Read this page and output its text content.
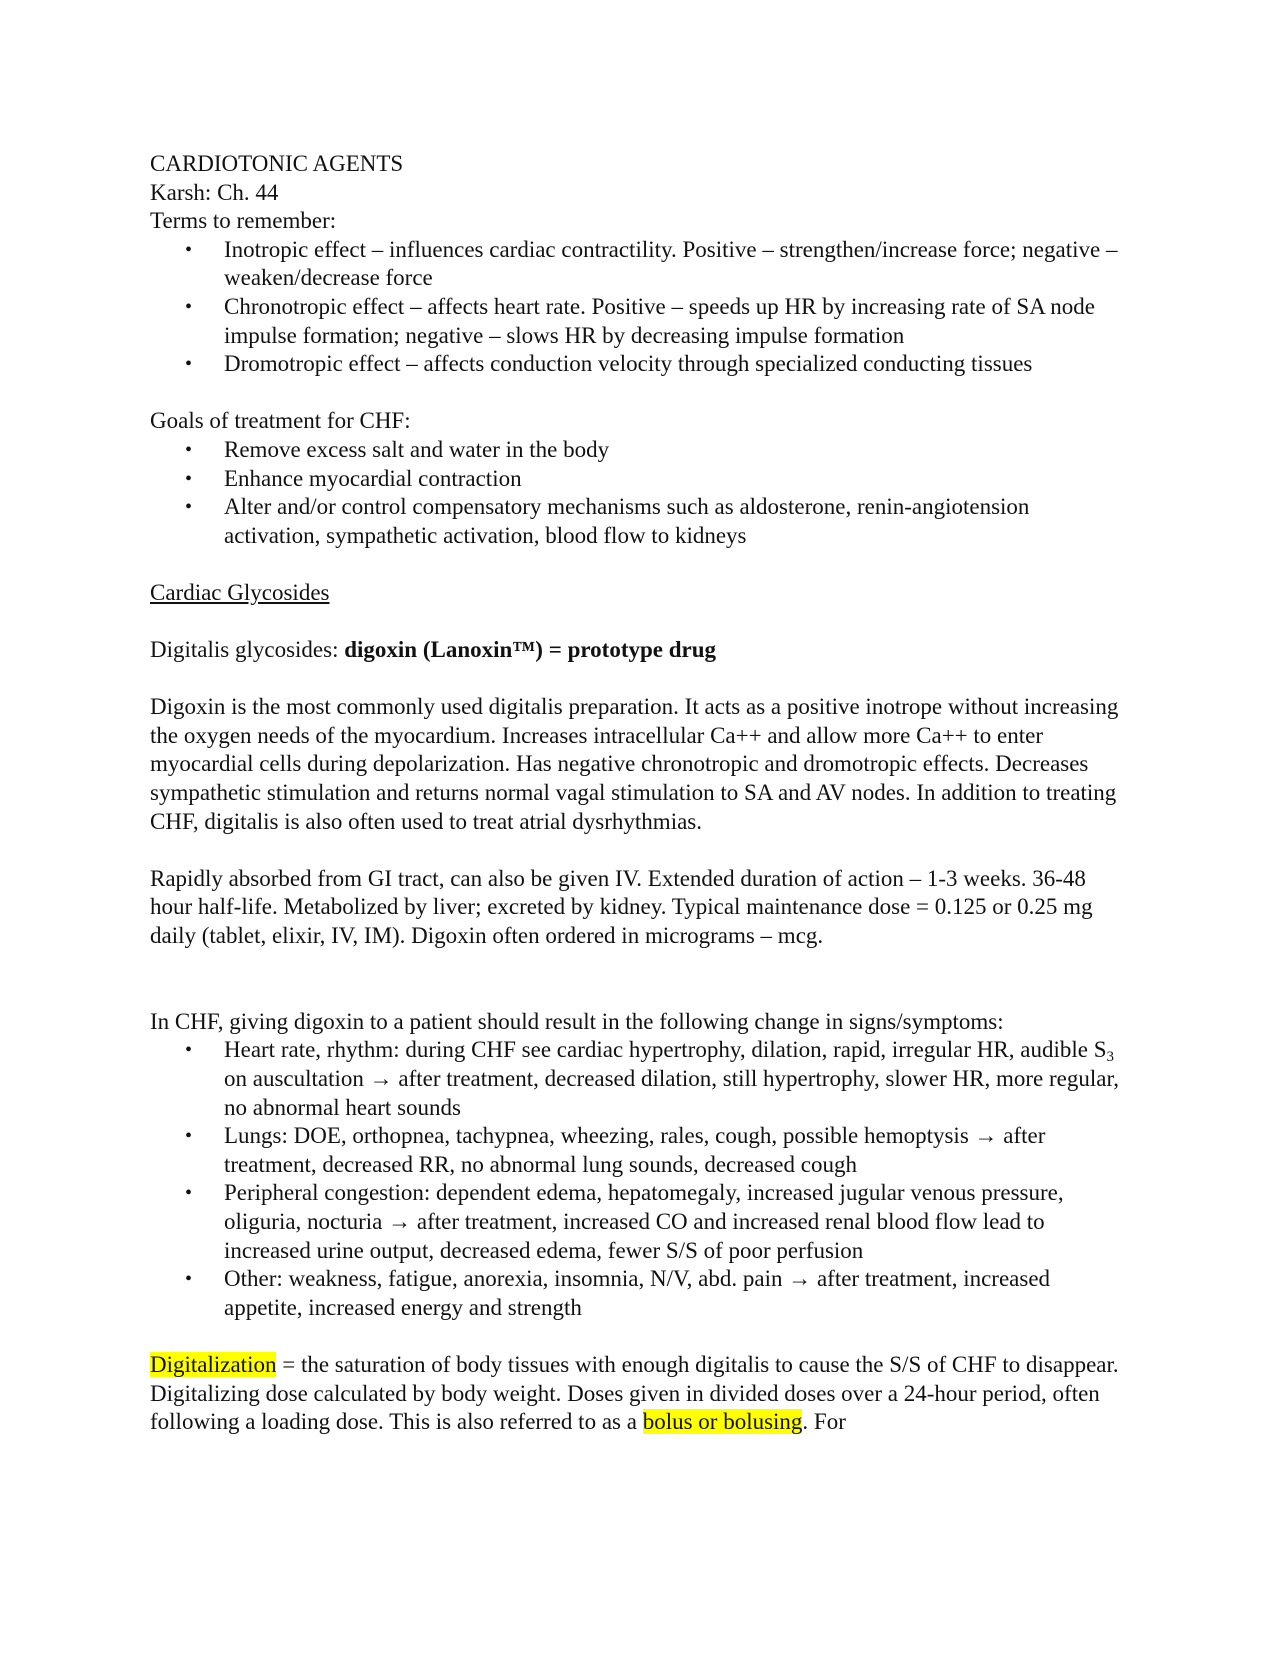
CARDIOTONIC AGENTS

Karsh: Ch. 44

Terms to remember:

• Inotropic effect – influences cardiac contractility. Positive – strengthen/increase force; negative – weaken/decrease force
• Chronotropic effect – affects heart rate. Positive – speeds up HR by increasing rate of SA node impulse formation; negative – slows HR by decreasing impulse formation
• Dromotropic effect – affects conduction velocity through specialized conducting tissues

Goals of treatment for CHF:

• Remove excess salt and water in the body
• Enhance myocardial contraction
• Alter and/or control compensatory mechanisms such as aldosterone, renin-angiotension activation, sympathetic activation, blood flow to kidneys

Cardiac Glycosides

Digitalis glycosides: digoxin (Lanoxin™) = prototype drug

Digoxin is the most commonly used digitalis preparation. It acts as a positive inotrope without increasing the oxygen needs of the myocardium. Increases intracellular Ca++ and allow more Ca++ to enter myocardial cells during depolarization. Has negative chronotropic and dromotropic effects. Decreases sympathetic stimulation and returns normal vagal stimulation to SA and AV nodes. In addition to treating CHF, digitalis is also often used to treat atrial dysrhythmias.

Rapidly absorbed from GI tract, can also be given IV. Extended duration of action – 1-3 weeks. 36-48 hour half-life. Metabolized by liver; excreted by kidney. Typical maintenance dose = 0.125 or 0.25 mg daily (tablet, elixir, IV, IM). Digoxin often ordered in micrograms – mcg.

In CHF, giving digoxin to a patient should result in the following change in signs/symptoms:

• Heart rate, rhythm: during CHF see cardiac hypertrophy, dilation, rapid, irregular HR, audible $S_3$ on auscultation → after treatment, decreased dilation, still hypertrophy, slower HR, more regular, no abnormal heart sounds
• Lungs: DOE, orthopnea, tachypnea, wheezing, rales, cough, possible hemoptysis → after treatment, decreased RR, no abnormal lung sounds, decreased cough
• Peripheral congestion: dependent edema, hepatomegaly, increased jugular venous pressure, oliguria, nocturia → after treatment, increased CO and increased renal blood flow lead to increased urine output, decreased edema, fewer S/S of poor perfusion
• Other: weakness, fatigue, anorexia, insomnia, N/V, abd. pain → after treatment, increased appetite, increased energy and strength

Digitalization = the saturation of body tissues with enough digitalis to cause the S/S of CHF to disappear. Digitalizing dose calculated by body weight. Doses given in divided doses over a 24-hour period, often following a loading dose. This is also referred to as a bolus or bolusing. For
